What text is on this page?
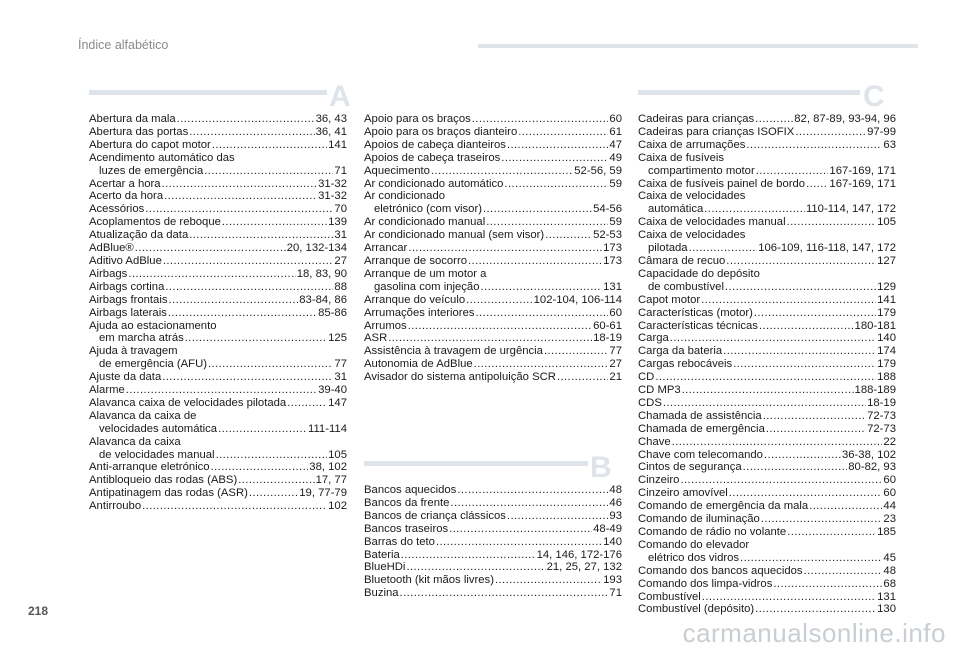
Índice alfabético
A
B
C
Abertura da mala .....	36, 43
Abertura das portas .....	36, 41
Abertura do capot motor .....	141
Acendimento automático das
luzes de emergência .....	71
Acertar a hora .....	31-32
Acerto da hora .....	31-32
Acessórios .....	70
Acoplamentos de reboque .....	139
Atualização da data .....	31
AdBlue® .....	20, 132-134
Aditivo AdBlue .....	27
Airbags .....	18, 83, 90
Airbags cortina .....	88
Airbags frontais .....	83-84, 86
Airbags laterais .....	85-86
Ajuda ao estacionamento
em marcha atrás .....	125
Ajuda à travagem
de emergência (AFU) .....	77
Ajuste da data .....	31
Alarme .....	39-40
Alavanca caixa de velocidades pilotada .....	147
Alavanca da caixa de
velocidades automática .....	111-114
Alavanca da caixa
de velocidades manual .....	105
Anti-arranque eletrónico .....	38, 102
Antibloqueio das rodas (ABS) .....	17, 77
Antipatinagem das rodas (ASR) .....	19, 77-79
Antirroubo .....	102
Apoio para os braços .....	60
Apoio para os braços dianteiro .....	61
Apoios de cabeça dianteiros .....	47
Apoios de cabeça traseiros .....	49
Aquecimento .....	52-56, 59
Ar condicionado automático .....	59
Ar condicionado
eletrónico (com visor) .....	54-56
Ar condicionado manual .....	59
Ar condicionado manual (sem visor) .....	52-53
Arrancar .....	173
Arranque de socorro .....	173
Arranque de um motor a
gasolina com injeção .....	131
Arranque do veículo .....	102-104, 106-114
Arrumações interiores .....	60
Arrumos .....	60-61
ASR .....	18-19
Assistência à travagem de urgência .....	77
Autonomia de AdBlue .....	27
Avisador do sistema antipoluição SCR .....	21
Bancos aquecidos .....	48
Bancos da frente .....	46
Bancos de criança clássicos .....	93
Bancos traseiros .....	48-49
Barras do teto .....	140
Bateria .....	14, 146, 172-176
BlueHDi .....	21, 25, 27, 132
Bluetooth (kit mãos livres) .....	193
Buzina .....	71
Cadeiras para crianças .....	82, 87-89, 93-94, 96
Cadeiras para crianças ISOFIX .....	97-99
Caixa de arrumações .....	63
Caixa de fusíveis
compartimento motor .....	167-169, 171
Caixa de fusíveis painel de bordo ..... 167-169, 171
Caixa de velocidades
automática .....	110-114, 147, 172
Caixa de velocidades manual .....	105
Caixa de velocidades
pilotada .....	106-109, 116-118, 147, 172
Câmara de recuo .....	127
Capacidade do depósito
de combustível .....	129
Capot motor .....	141
Características (motor) .....	179
Características técnicas .....	180-181
Carga .....	140
Carga da bateria .....	174
Cargas rebocáveis .....	179
CD .....	188
CD MP3 .....	188-189
CDS .....	18-19
Chamada de assistência .....	72-73
Chamada de emergência .....	72-73
Chave .....	22
Chave com telecomando .....	36-38, 102
Cintos de segurança .....	80-82, 93
Cinzeiro .....	60
Cinzeiro amovível .....	60
Comando de emergência da mala .....	44
Comando de iluminação .....	23
Comando de rádio no volante .....	185
Comando do elevador
elétrico dos vidros .....	45
Comando dos bancos aquecidos .....	48
Comando dos limpa-vidros .....	68
Combustível .....	131
Combustível (depósito) .....	130
218
carmanualsonline.info
